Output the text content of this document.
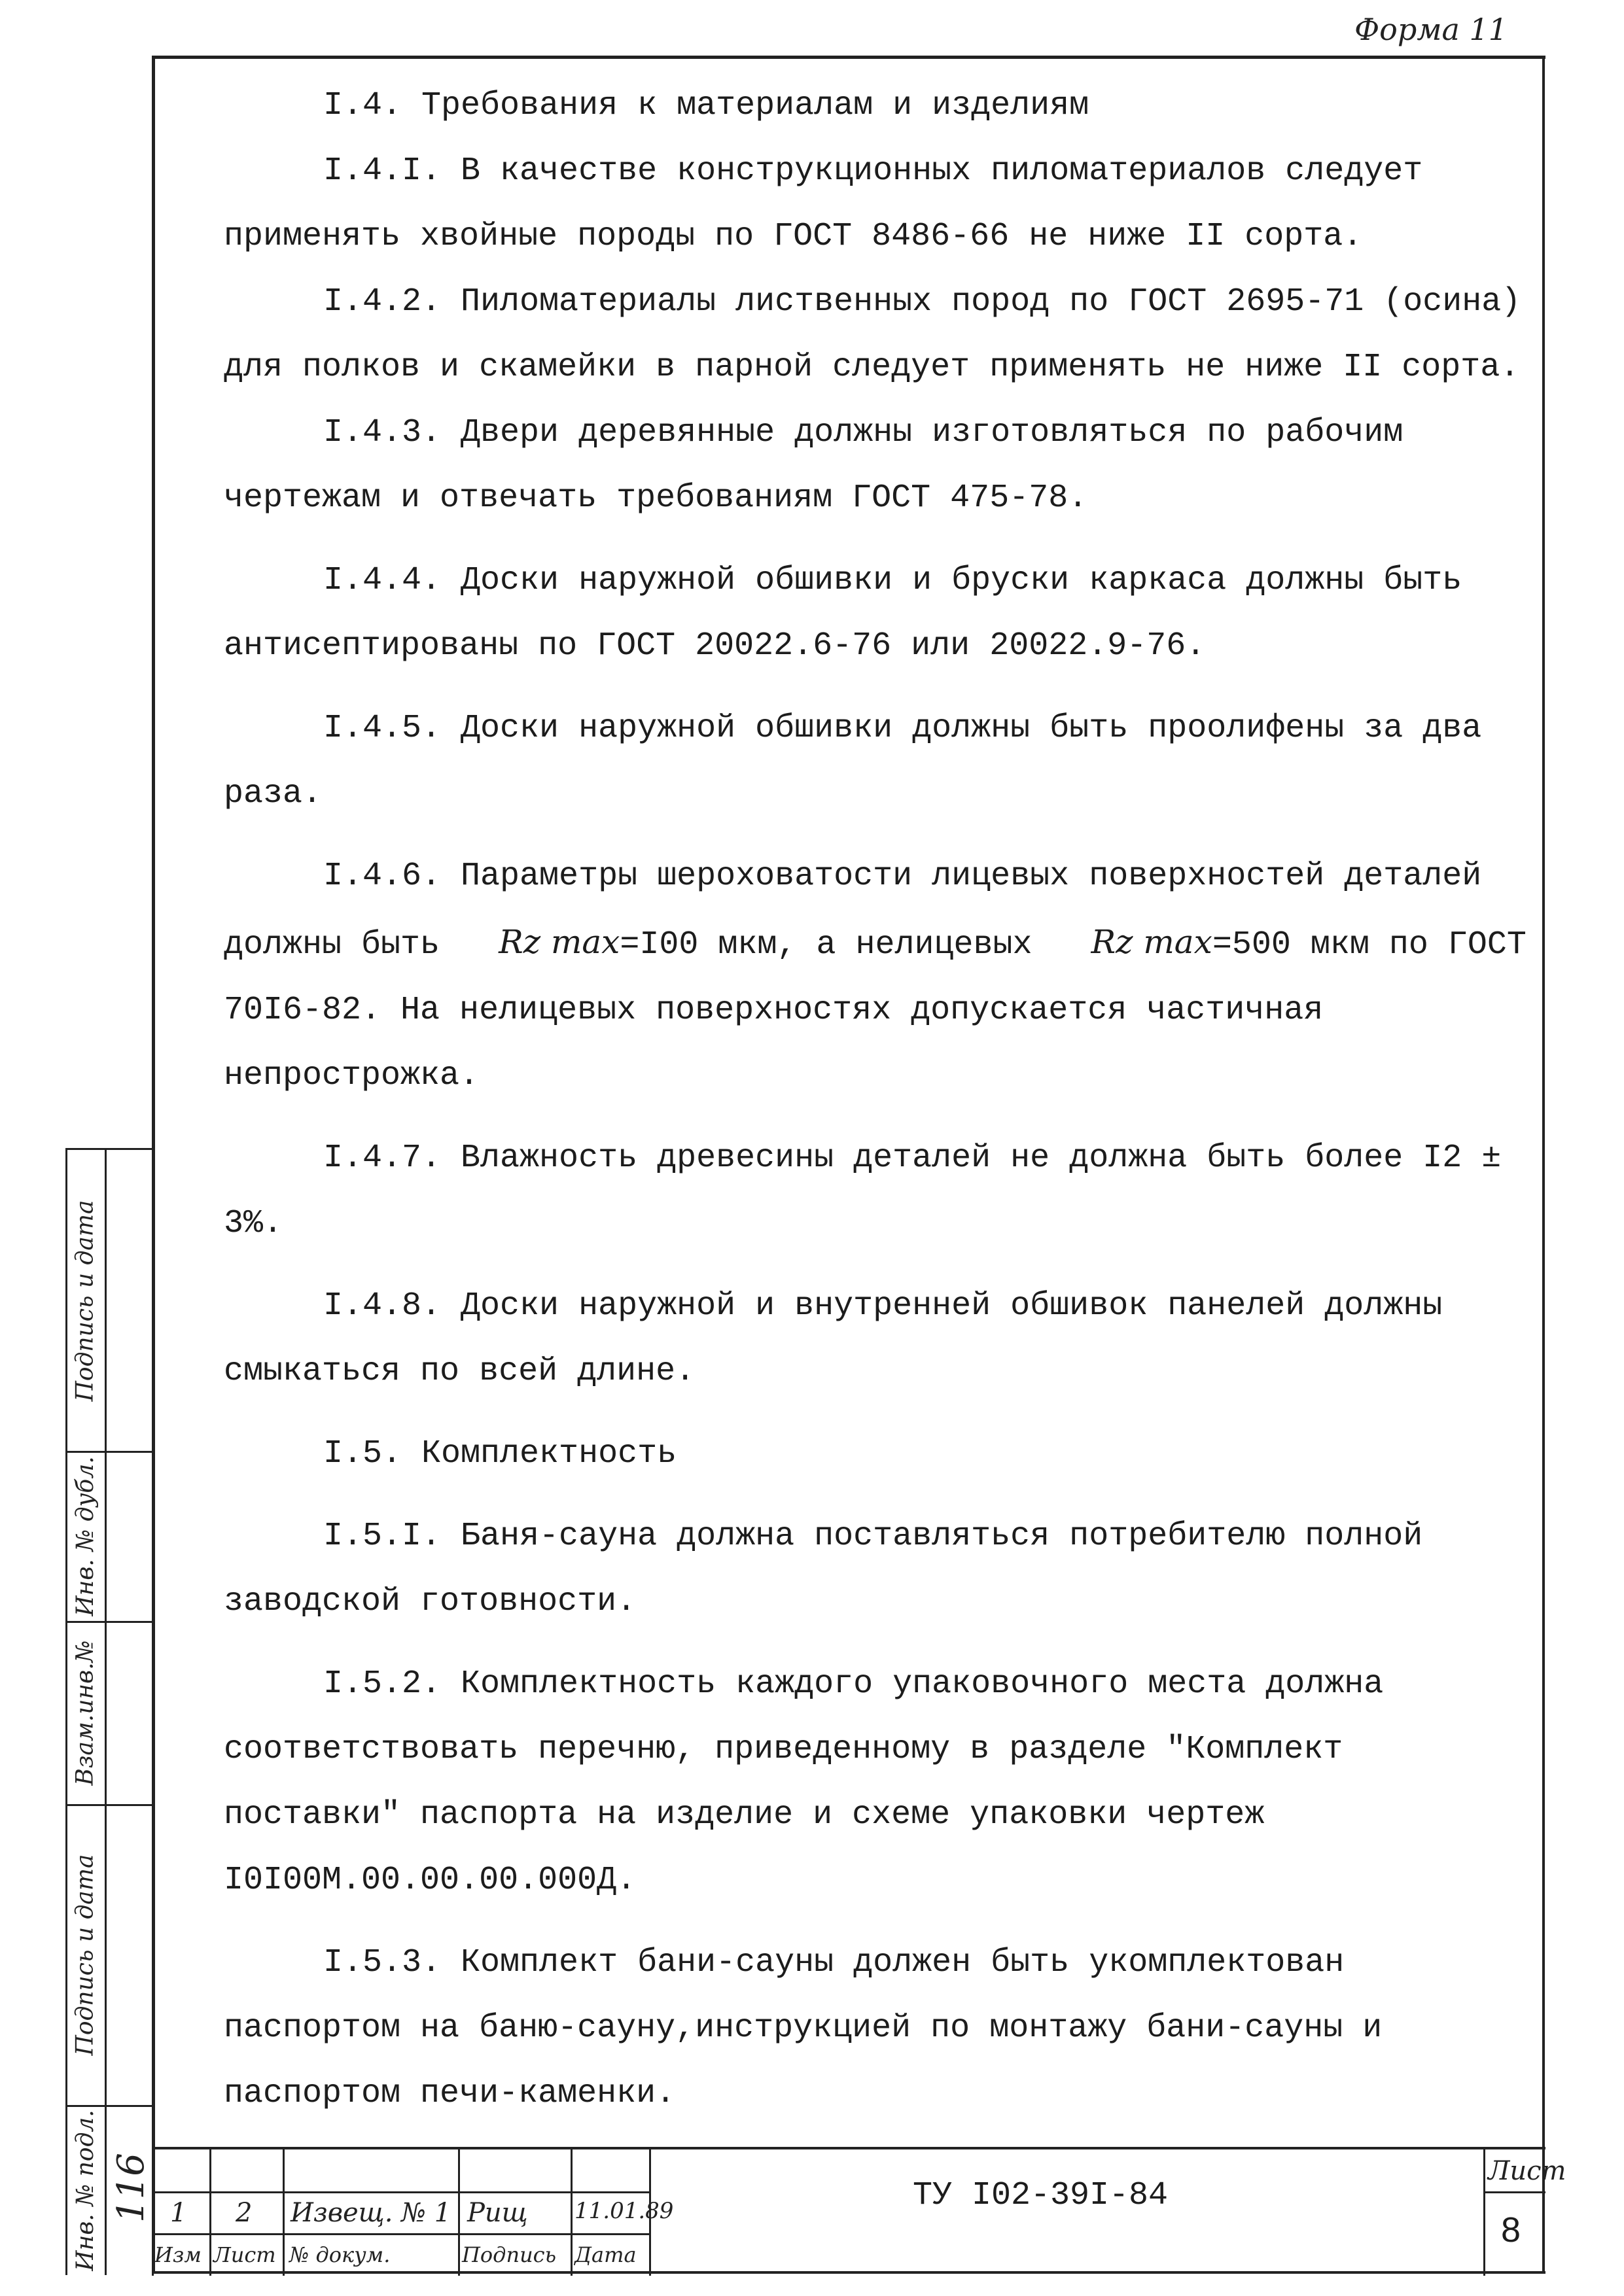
Форма 11

I.4. Требования к материалам и изделиям

I.4.I. В качестве конструкционных пиломатериалов следует применять хвойные породы по ГОСТ 8486-66 не ниже II сорта.

I.4.2. Пиломатериалы лиственных пород по ГОСТ 2695-71 (осина) для полков и скамейки в парной следует применять не ниже II сорта.

I.4.3. Двери деревянные должны изготовляться по рабочим чертежам и отвечать требованиям ГОСТ 475-78.

I.4.4. Доски наружной обшивки и бруски каркаса должны быть антисептированы по ГОСТ 20022.6-76 или 20022.9-76.

I.4.5. Доски наружной обшивки должны быть проолифены за два раза.

I.4.6. Параметры шероховатости лицевых поверхностей деталей должны быть Rz max=I00 мкм, а нелицевых Rz max=500 мкм по ГОСТ 70I6-82. На нелицевых поверхностях допускается частичная непрострожка.

I.4.7. Влажность древесины деталей не должна быть более I2 ± 3%.

I.4.8. Доски наружной и внутренней обшивок панелей должны смыкаться по всей длине.

I.5. Комплектность

I.5.I. Баня-сауна должна поставляться потребителю полной заводской готовности.

I.5.2. Комплектность каждого упаковочного места должна соответствовать перечню, приведенному в разделе "Комплект поставки" паспорта на изделие и схеме упаковки чертеж I0I00М.00.00.00.000Д.

I.5.3. Комплект бани-сауны должен быть укомплектован паспортом на баню-сауну,инструкцией по монтажу бани-сауны и паспортом печи-каменки.

Подпись и дата
Инв. № дубл.
Взам.инв.№
Подпись и дата
Инв. № подл. 116 1 2 Извещ. № 1 Рищ 11.01.89
Изм Лист № докум.	Подпись Дата
Лист
8
ТУ I02-39I-84
